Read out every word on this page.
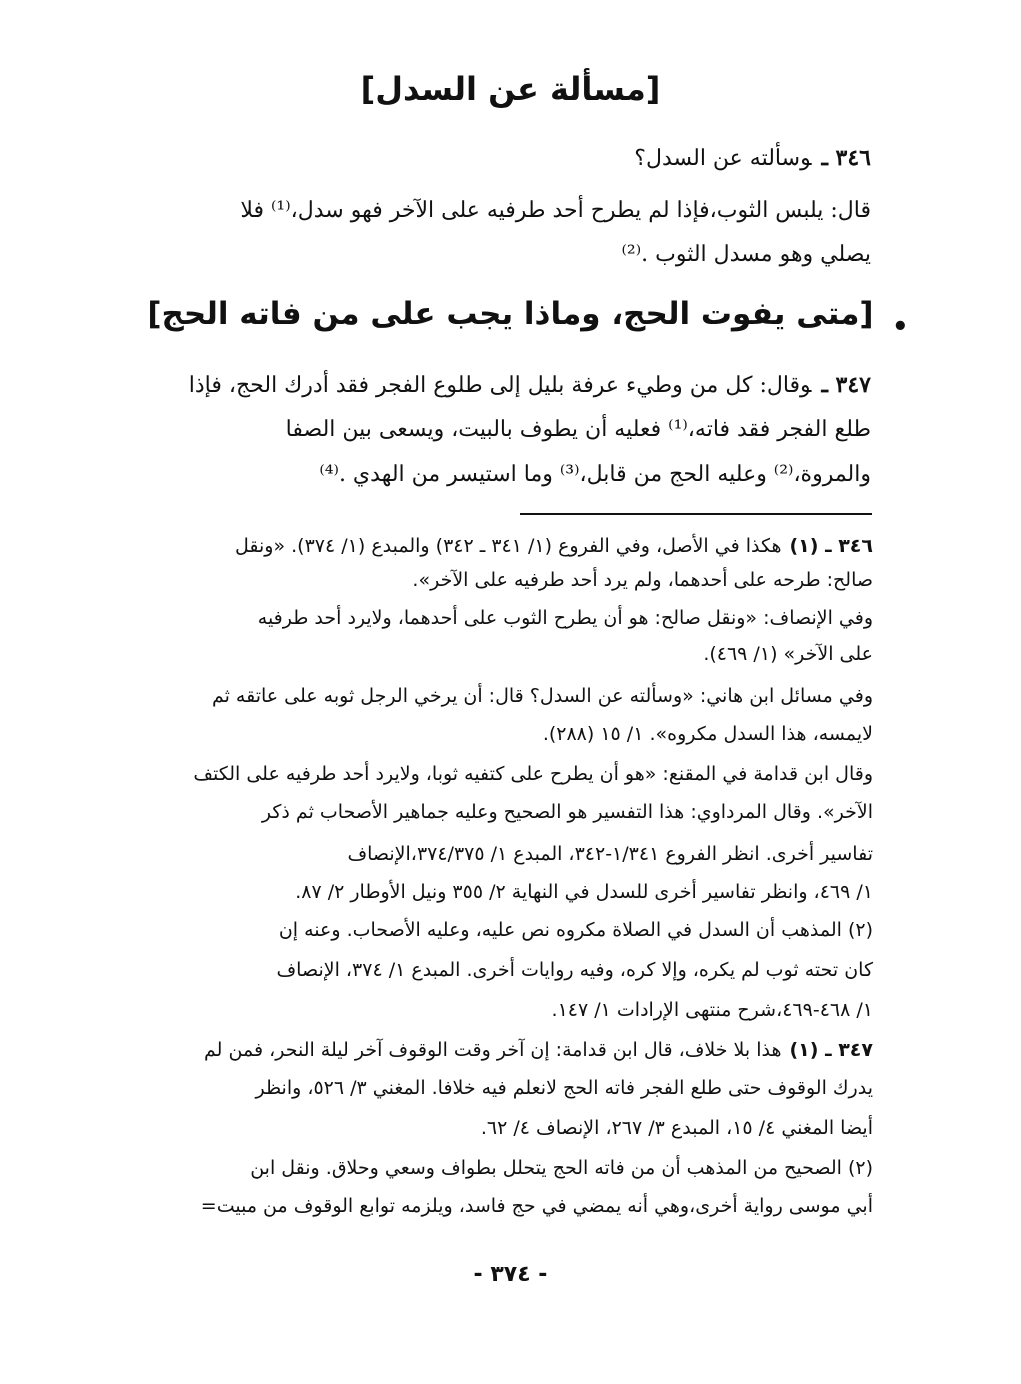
[مسألة عن السدل]
٣٤٦ ـوسألته عن السدل؟
قال: يلبس الثوب،فإذا لم يطرح أحد طرفيه على الآخر فهو سدل،⁽¹⁾ فلا
يصلي وهو مسدل الثوب .⁽²⁾
•
[متى يفوت الحج، وماذا يجب على من فاته الحج]
٣٤٧ ـوقال: كل من وطيء عرفة بليل إلى طلوع الفجر فقد أدرك الحج، فإذا
طلع الفجر فقد فاته،⁽¹⁾ فعليه أن يطوف بالبيت، ويسعى بين الصفا
والمروة،⁽²⁾ وعليه الحج من قابل،⁽³⁾ وما استيسر من الهدي .⁽⁴⁾
٣٤٦ ـ (١)هكذا في الأصل، وفي الفروع (١/ ٣٤١ ـ ٣٤٢) والمبدع (١/ ٣٧٤). «ونقل
صالح: طرحه على أحدهما، ولم يرد أحد طرفيه على الآخر».
وفي الإنصاف: «ونقل صالح: هو أن يطرح الثوب على أحدهما، ولايرد أحد طرفيه
على الآخر» (١/ ٤٦٩).
وفي مسائل ابن هاني: «وسألته عن السدل؟ قال: أن يرخي الرجل ثوبه على عاتقه ثم
لايمسه، هذا السدل مكروه». ١/ ١٥ (٢٨٨).
وقال ابن قدامة في المقنع: «هو أن يطرح على كتفيه ثوبا، ولايرد أحد طرفيه على الكتف
الآخر». وقال المرداوي: هذا التفسير هو الصحيح وعليه جماهير الأصحاب ثم ذكر
تفاسير أخرى. انظر الفروع ١/٣٤١-٣٤٢، المبدع ١/ ٣٧٤/٣٧٥،الإنصاف
١/ ٤٦٩، وانظر تفاسير أخرى للسدل في النهاية ٢/ ٣٥٥ ونيل الأوطار ٢/ ٨٧.
(٢) المذهب أن السدل في الصلاة مكروه نص عليه، وعليه الأصحاب. وعنه إن
كان تحته ثوب لم يكره، وإلا كره، وفيه روايات أخرى. المبدع ١/ ٣٧٤، الإنصاف
١/ ٤٦٨-٤٦٩،شرح منتهى الإرادات ١/ ١٤٧.
٣٤٧ ـ (١)هذا بلا خلاف، قال ابن قدامة: إن آخر وقت الوقوف آخر ليلة النحر، فمن لم
يدرك الوقوف حتى طلع الفجر فاته الحج لانعلم فيه خلافا. المغني ٣/ ٥٢٦، وانظر
أيضا المغني ٤/ ١٥، المبدع ٣/ ٢٦٧، الإنصاف ٤/ ٦٢.
(٢) الصحيح من المذهب أن من فاته الحج يتحلل بطواف وسعي وحلاق. ونقل ابن
أبي موسى رواية أخرى،وهي أنه يمضي في حج فاسد، ويلزمه توابع الوقوف من مبيت=
- ٣٧٤ -
